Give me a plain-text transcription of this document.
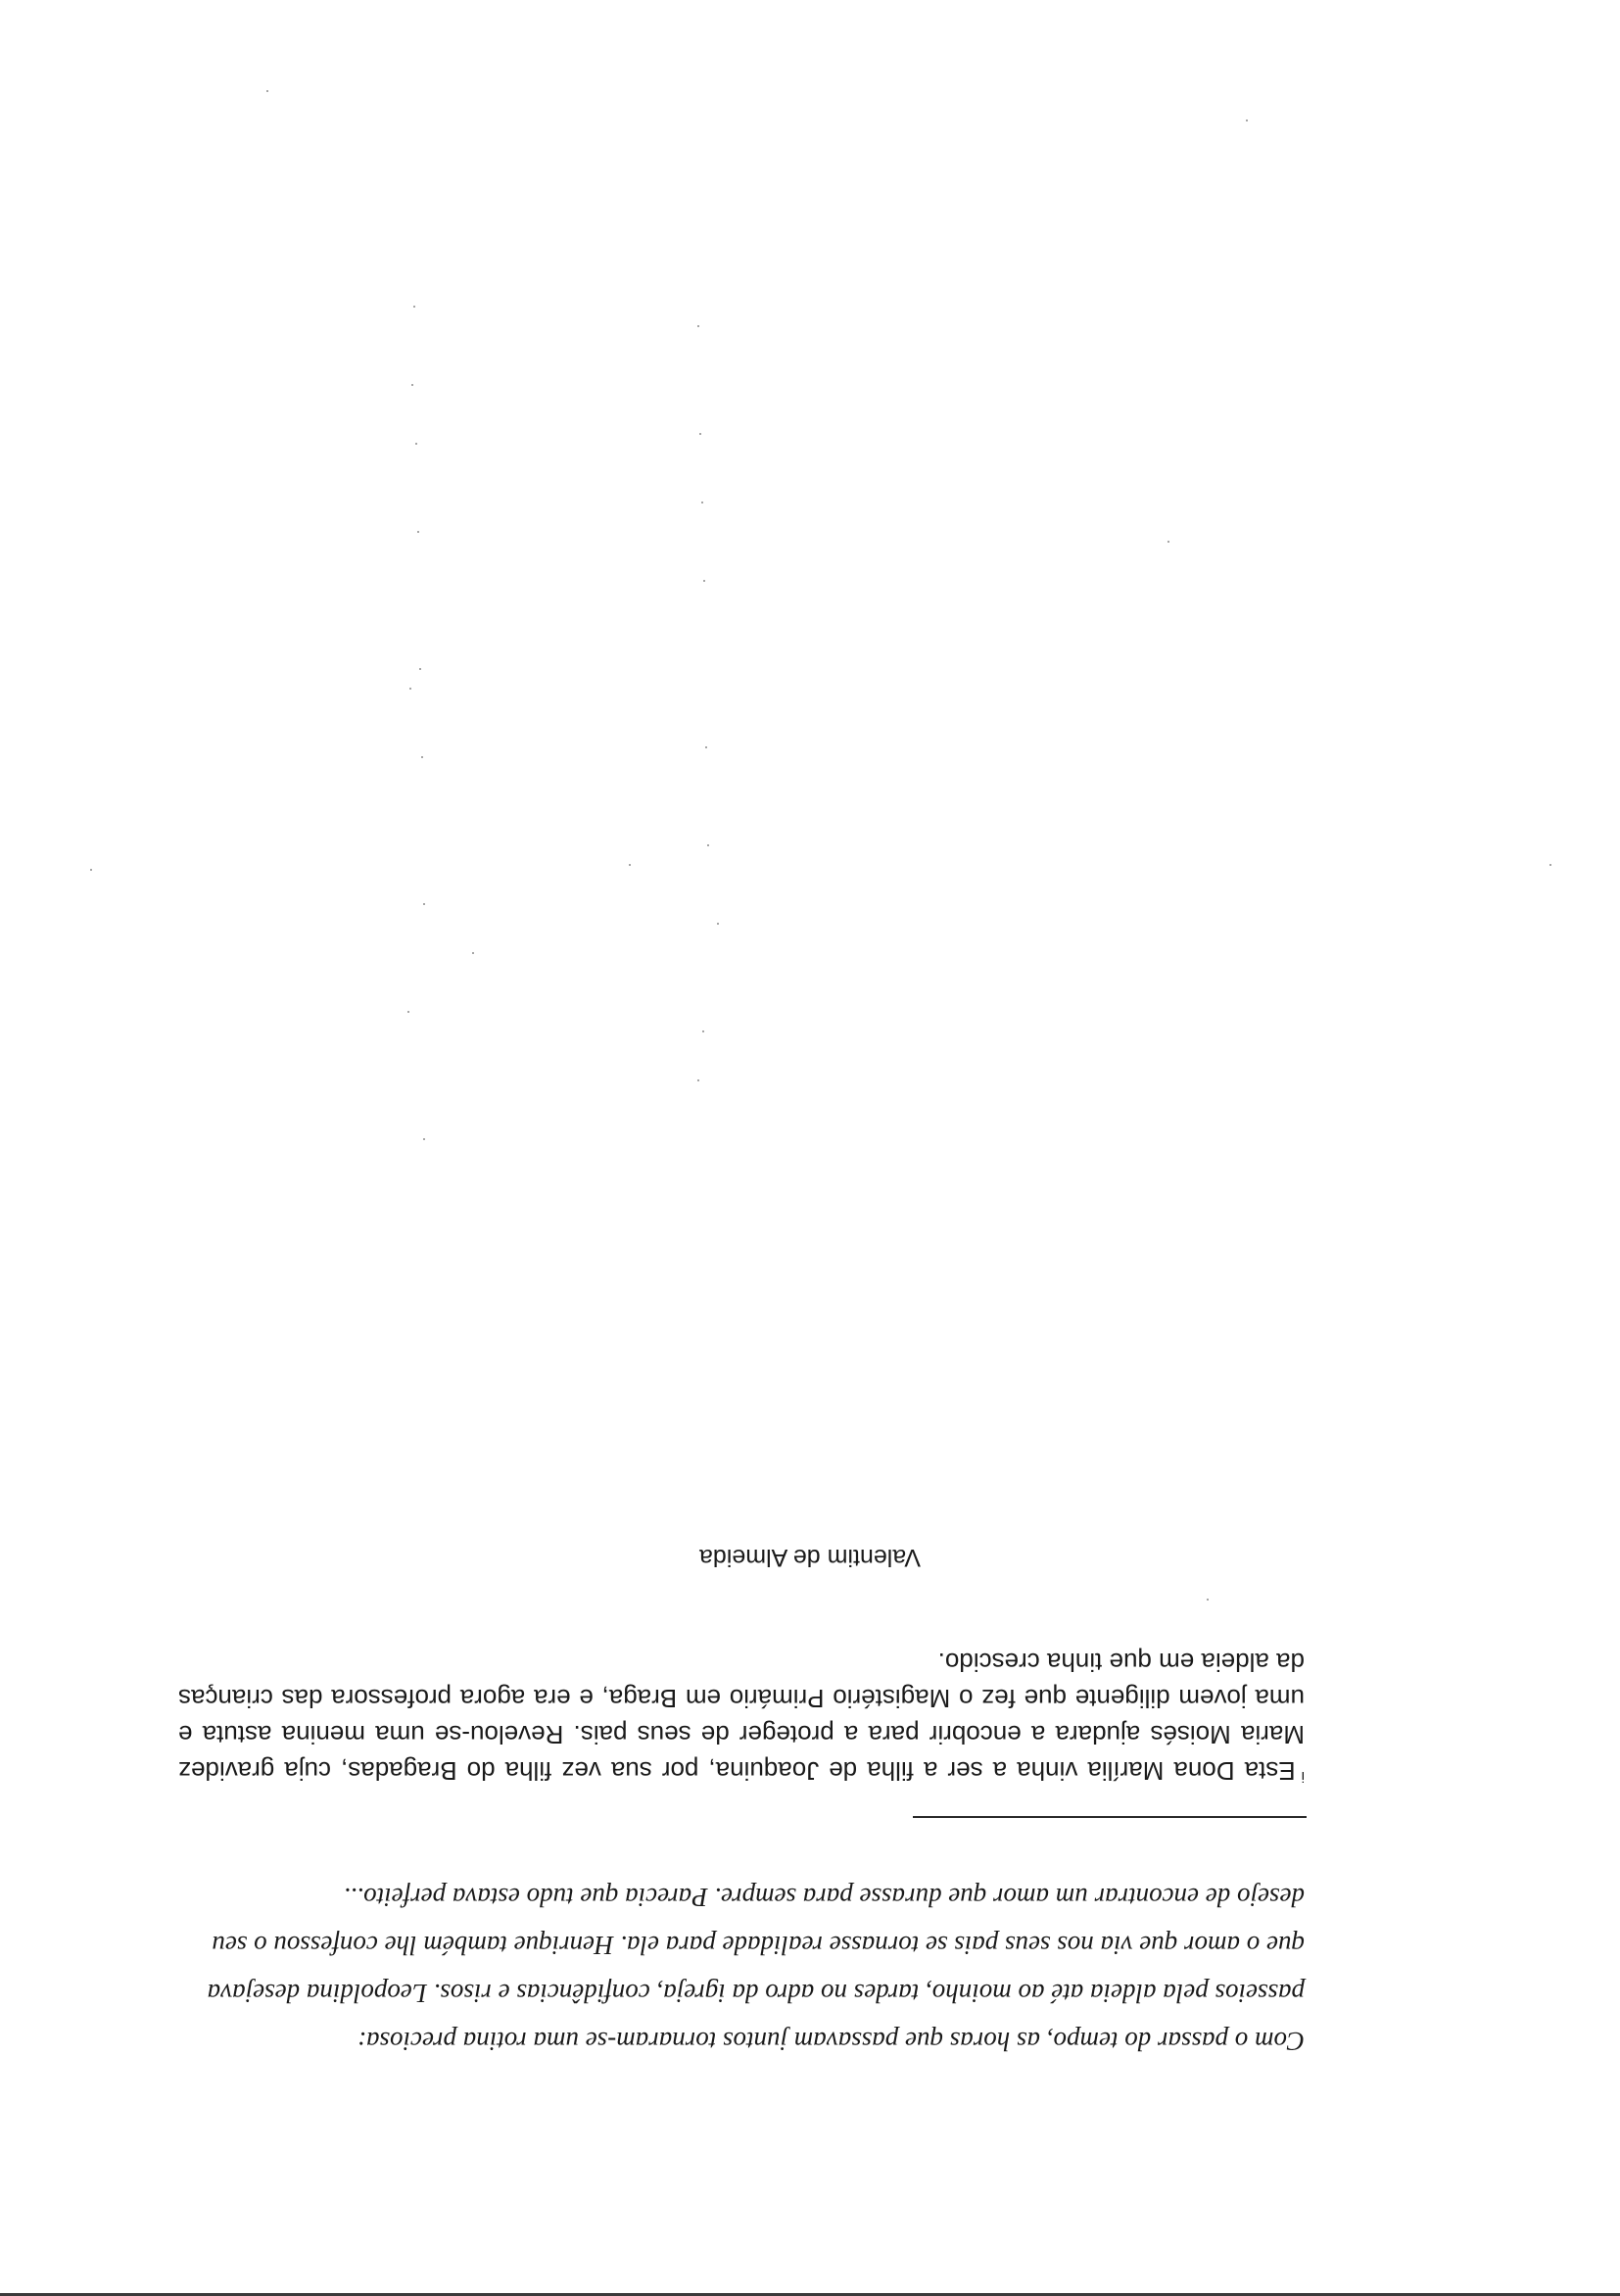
Com o passar do tempo, as horas que passavam juntos tornaram-se uma rotina preciosa:

passeios pela aldeia até ao moinho, tardes no adro da igreja, confidências e risos. Leopoldina desejava

que o amor que via nos seus pais se tornasse realidade para ela. Henrique também lhe confessou o seu

desejo de encontrar um amor que durasse para sempre. Parecia que tudo estava perfeito...

$^i$Esta Dona Marília vinha a ser a filha de Joaquina, por sua vez filha do Bragadas, cuja gravidez Maria Moisés ajudara a encobrir para a proteger de seus pais. Revelou-se uma menina astuta e uma jovem diligente que fez o Magistério Primário em Braga, e era agora professora das crianças da aldeia em que tinha crescido.
Valentim de Almeida
